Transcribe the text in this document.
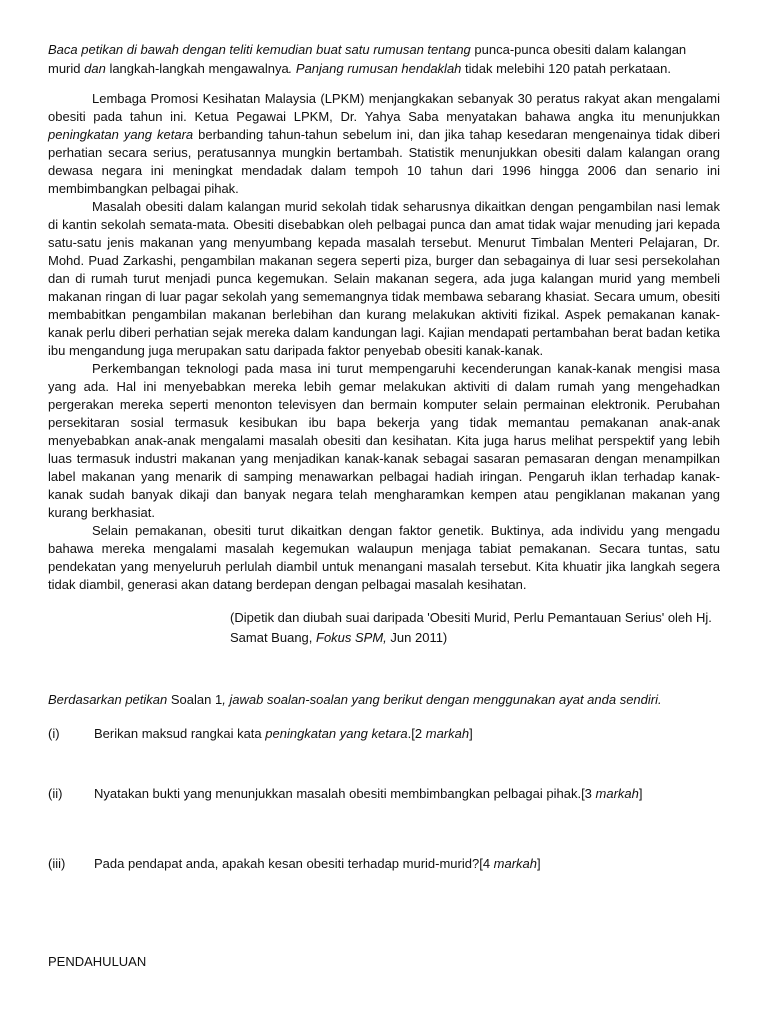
Baca petikan di bawah dengan teliti kemudian buat satu rumusan tentang punca-punca obesiti dalam kalangan murid dan langkah-langkah mengawalnya. Panjang rumusan hendaklah tidak melebihi 120 patah perkataan.

Lembaga Promosi Kesihatan Malaysia (LPKM) menjangkakan sebanyak 30 peratus rakyat akan mengalami obesiti pada tahun ini. Ketua Pegawai LPKM, Dr. Yahya Saba menyatakan bahawa angka itu menunjukkan peningkatan yang ketara berbanding tahun-tahun sebelum ini, dan jika tahap kesedaran mengenainya tidak diberi perhatian secara serius, peratusannya mungkin bertambah. Statistik menunjukkan obesiti dalam kalangan orang dewasa negara ini meningkat mendadak dalam tempoh 10 tahun dari 1996 hingga 2006 dan senario ini membimbangkan pelbagai pihak.

Masalah obesiti dalam kalangan murid sekolah tidak seharusnya dikaitkan dengan pengambilan nasi lemak di kantin sekolah semata-mata. Obesiti disebabkan oleh pelbagai punca dan amat tidak wajar menuding jari kepada satu-satu jenis makanan yang menyumbang kepada masalah tersebut. Menurut Timbalan Menteri Pelajaran, Dr. Mohd. Puad Zarkashi, pengambilan makanan segera seperti piza, burger dan sebagainya di luar sesi persekolahan dan di rumah turut menjadi punca kegemukan. Selain makanan segera, ada juga kalangan murid yang membeli makanan ringan di luar pagar sekolah yang sememangnya tidak membawa sebarang khasiat. Secara umum, obesiti membabitkan pengambilan makanan berlebihan dan kurang melakukan aktiviti fizikal. Aspek pemakanan kanak-kanak perlu diberi perhatian sejak mereka dalam kandungan lagi. Kajian mendapati pertambahan berat badan ketika ibu mengandung juga merupakan satu daripada faktor penyebab obesiti kanak-kanak.

Perkembangan teknologi pada masa ini turut mempengaruhi kecenderungan kanak-kanak mengisi masa yang ada. Hal ini menyebabkan mereka lebih gemar melakukan aktiviti di dalam rumah yang mengehadkan pergerakan mereka seperti menonton televisyen dan bermain komputer selain permainan elektronik. Perubahan persekitaran sosial termasuk kesibukan ibu bapa bekerja yang tidak memantau pemakanan anak-anak menyebabkan anak-anak mengalami masalah obesiti dan kesihatan. Kita juga harus melihat perspektif yang lebih luas termasuk industri makanan yang menjadikan kanak-kanak sebagai sasaran pemasaran dengan menampilkan label makanan yang menarik di samping menawarkan pelbagai hadiah iringan. Pengaruh iklan terhadap kanak-kanak sudah banyak dikaji dan banyak negara telah mengharamkan kempen atau pengiklanan makanan yang kurang berkhasiat.

Selain pemakanan, obesiti turut dikaitkan dengan faktor genetik. Buktinya, ada individu yang mengadu bahawa mereka mengalami masalah kegemukan walaupun menjaga tabiat pemakanan. Secara tuntas, satu pendekatan yang menyeluruh perlulah diambil untuk menangani masalah tersebut. Kita khuatir jika langkah segera tidak diambil, generasi akan datang berdepan dengan pelbagai masalah kesihatan.

(Dipetik dan diubah suai daripada 'Obesiti Murid, Perlu Pemantauan Serius' oleh Hj. Samat Buang, Fokus SPM, Jun 2011)
Berdasarkan petikan Soalan 1, jawab soalan-soalan yang berikut dengan menggunakan ayat anda sendiri.
(i)	Berikan maksud rangkai kata peningkatan yang ketara.[2 markah]
(ii)	Nyatakan bukti yang menunjukkan masalah obesiti membimbangkan pelbagai pihak.[3 markah]
(iii)	Pada pendapat anda, apakah kesan obesiti terhadap murid-murid?[4 markah]
PENDAHULUAN
